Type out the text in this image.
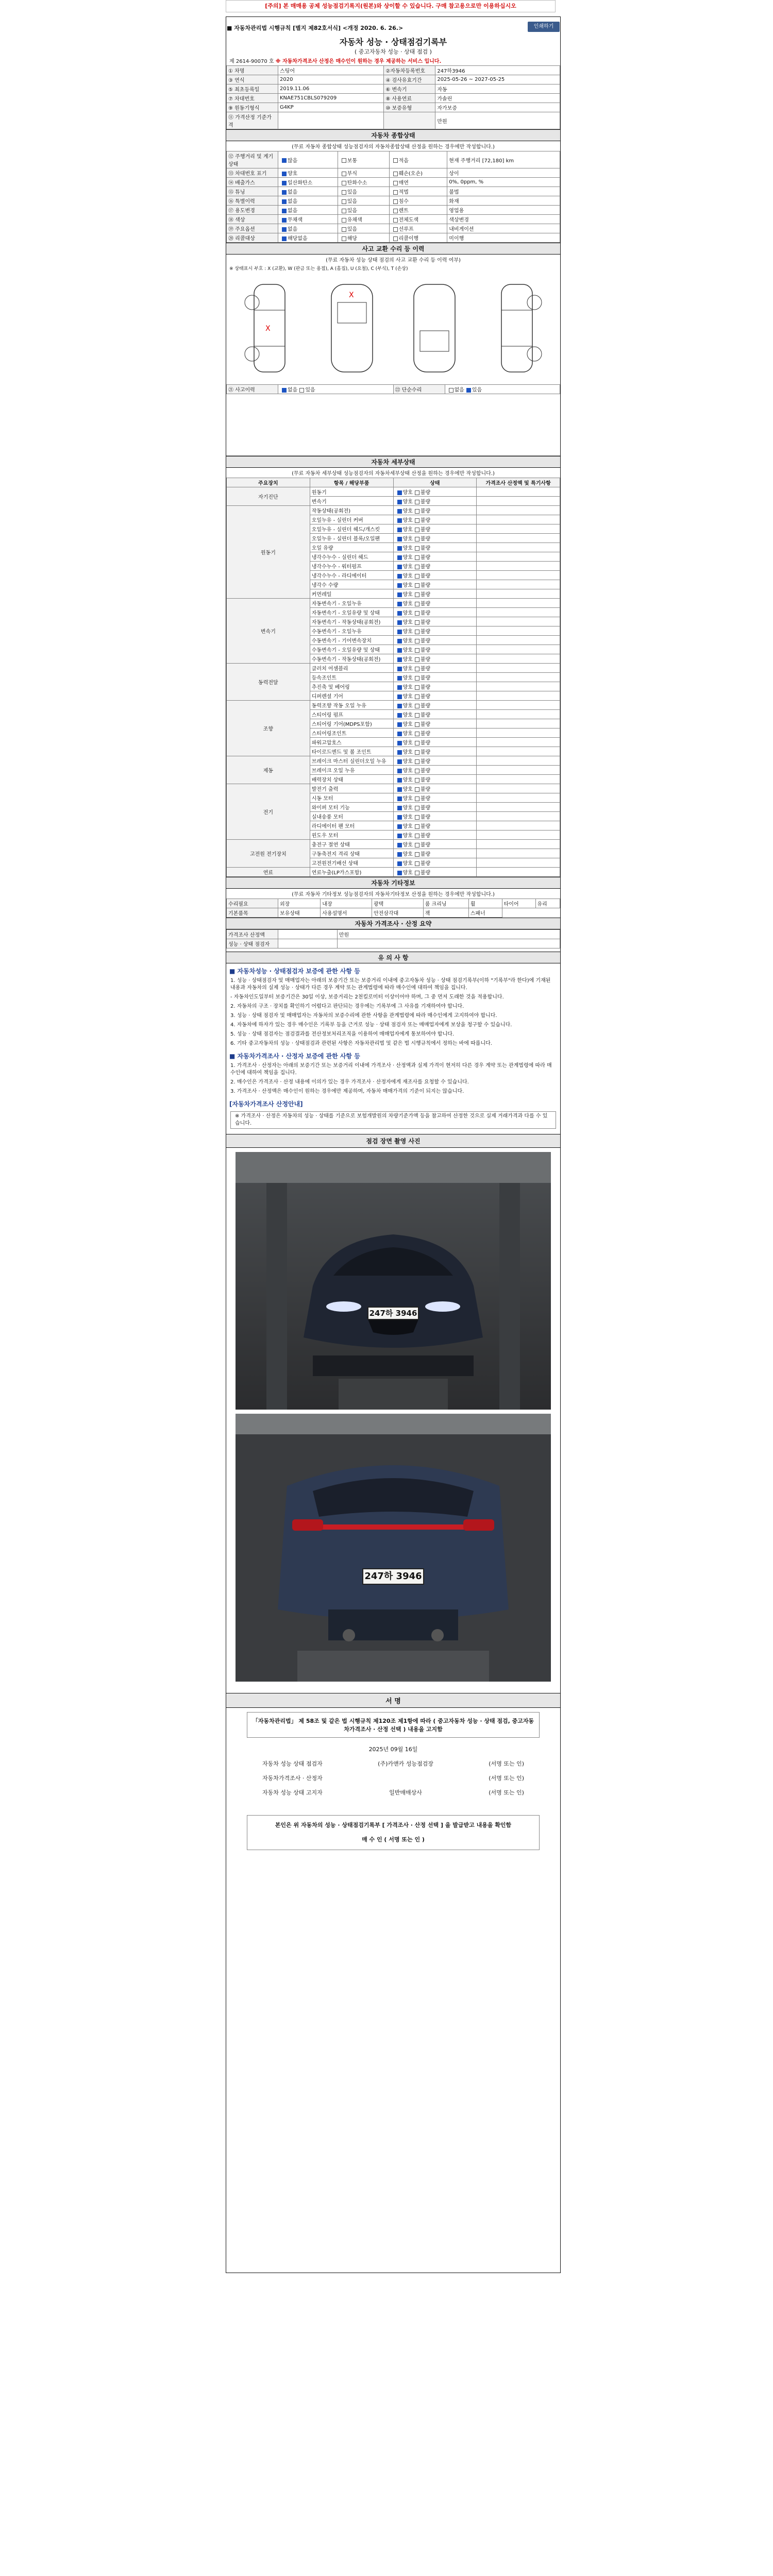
[주의] 본 매매용 공제 성능점검기록지(원본)와 상이할 수 있습니다. 구매 참고용으로만 이용하십시오
■ 자동차관리법 시행규칙 [별지 제82호서식] <개정 2020. 6. 26.>	인쇄하기
자동차 성능 · 상태점검기록부
( 중고자동차 성능 · 상태 점검 )
제 2614-90070 호 ※ 자동차가격조사 산정은 매수인이 원하는 경우 제공하는 서비스 입니다.
① 차명	스팅어	②자동차등록번호	247하3946
③ 연식	2020	④ 검사유효기간	2025-05-26 ~ 2027-05-25
⑤ 최초등록일	2019.11.06	⑥ 변속기	자동
⑦ 차대번호	KNAE751CBLS079209	⑧ 사용연료	가솔린
⑨ 원동기형식	G4KP	⑩ 보증유형	자가보증
⑪ 가격산정 기준가격			만원
자동차 종합상태
(무료 자동차 종합상태 성능점검자의 자동차종합상태 산정을 원하는 경우에만 작성합니다.)
⑫ 주행거리 및 계기상태	많음	보통	적음	현재 주행거리 [72,180] km
⑬ 차대번호 표기	양호	부식	훼손(오손)	상이
⑭ 배출가스	일산화탄소	탄화수소	매연	0%, 0ppm, %
⑮ 튜닝	없음	있음	적법	불법
⑯ 특별이력	없음	있음	침수	화재
⑰ 용도변경	없음	있음	렌트	영업용
⑱ 색상	무채색	유채색	전체도색	색상변경
⑲ 주요옵션	없음	있음	선루프	내비게이션
⑳ 리콜대상	해당없음	해당	리콜이행	미이행
사고 교환 수리 등 이력
(무료 자동차 성능 상태 점검의 사고 교환 수리 등 이력 여부)
※ 상태표시 부호 : X (교환), W (판금 또는 용접), A (흠집), U (요철), C (부식), T (손상)
X
X
㉑ 사고이력	없음 있음	㉒ 단순수리	없음 있음
자동차 세부상태
(무료 자동차 세부상태 성능점검자의 자동차세부상태 산정을 원하는 경우에만 작성합니다.)
주요장치	항목 / 해당부품	상태	가격조사 산정액 및 특기사항
자기진단	원동기	양호 불량	
	변속기	양호 불량	
원동기	작동상태(공회전)	양호 불량	
	오일누유 - 실린더 커버	양호 불량	
	오일누유 - 실린더 헤드/개스킷	양호 불량	
	오일누유 - 실린더 블록/오일팬	양호 불량	
	오일 유량	양호 불량	
	냉각수누수 - 실린더 헤드	양호 불량	
	냉각수누수 - 워터펌프	양호 불량	
	냉각수누수 - 라디에이터	양호 불량	
	냉각수 수량	양호 불량	
	커먼레일	양호 불량	
변속기	자동변속기 - 오일누유	양호 불량	
	자동변속기 - 오일유량 및 상태	양호 불량	
	자동변속기 - 작동상태(공회전)	양호 불량	
	수동변속기 - 오일누유	양호 불량	
	수동변속기 - 기어변속장치	양호 불량	
	수동변속기 - 오일유량 및 상태	양호 불량	
	수동변속기 - 작동상태(공회전)	양호 불량	
동력전달	클러치 어셈블리	양호 불량	
	등속조인트	양호 불량	
	추진축 및 베어링	양호 불량	
	디퍼렌셜 기어	양호 불량	
조향	동력조향 작동 오일 누유	양호 불량	
	스티어링 펌프	양호 불량	
	스티어링 기어(MDPS포함)	양호 불량	
	스티어링조인트	양호 불량	
	파워고압호스	양호 불량	
	타이로드엔드 및 볼 조인트	양호 불량	
제동	브레이크 마스터 실린더오일 누유	양호 불량	
	브레이크 오일 누유	양호 불량	
	배력장치 상태	양호 불량	
전기	발전기 출력	양호 불량	
	시동 모터	양호 불량	
	와이퍼 모터 기능	양호 불량	
	실내송풍 모터	양호 불량	
	라디에이터 팬 모터	양호 불량	
	윈도우 모터	양호 불량	
고전원 전기장치	충전구 절연 상태	양호 불량	
	구동축전지 격리 상태	양호 불량	
	고전원전기배선 상태	양호 불량	
연료	연료누출(LP가스포함)	양호 불량	
자동차 기타정보
(무료 자동차 기타정보 성능점검자의 자동차기타정보 산정을 원하는 경우에만 작성합니다.)
수리필요	외장	내장	광택	룸 크리닝	휠	타이어	유리
기본품목	보유상태	사용설명서	안전삼각대	잭	스패너		
자동차 가격조사 · 산정 요약
가격조사 산정액		만원
성능 · 상태 점검자		
유 의 사 항
■ 자동차성능 · 상태점검자 보증에 관한 사항 등
1. 성능 · 상태점검자 및 매매업자는 아래의 보증기간 또는 보증거리 이내에 중고자동차 성능 · 상태 점검기록부(이하 "기록부"라 한다)에 기재된 내용과 자동차의 실제 성능 · 상태가 다른 경우 계약 또는 관계법령에 따라 매수인에 대하여 책임을 집니다.
- 자동차인도일부터 보증기간은 30일 이상, 보증거리는 2천킬로미터 이상이어야 하며, 그 중 먼저 도래한 것을 적용합니다.
2. 자동차의 구조 · 장치를 확인하기 어렵다고 판단되는 경우에는 기록부에 그 사유를 기재하여야 합니다.
3. 성능 · 상태 점검자 및 매매업자는 자동차의 보증수리에 관한 사항을 관계법령에 따라 매수인에게 고지하여야 합니다.
4. 자동차에 하자가 있는 경우 매수인은 기록부 등을 근거로 성능 · 상태 점검자 또는 매매업자에게 보상을 청구할 수 있습니다.
5. 성능 · 상태 점검자는 점검결과를 전산정보처리조직을 이용하여 매매업자에게 통보하여야 합니다.
6. 기타 중고자동차의 성능 · 상태점검과 관련된 사항은 자동차관리법 및 같은 법 시행규칙에서 정하는 바에 따릅니다.
■ 자동차가격조사 · 산정자 보증에 관한 사항 등
1. 가격조사 · 산정자는 아래의 보증기간 또는 보증거리 이내에 가격조사 · 산정액과 실제 가격이 현저히 다른 경우 계약 또는 관계법령에 따라 매수인에 대하여 책임을 집니다.
2. 매수인은 가격조사 · 산정 내용에 이의가 있는 경우 가격조사 · 산정자에게 재조사를 요청할 수 있습니다.
3. 가격조사 · 산정액은 매수인이 원하는 경우에만 제공하며, 자동차 매매가격의 기준이 되지는 않습니다.
[자동차가격조사 산정안내]
※ 가격조사 · 산정은 자동차의 성능 · 상태를 기준으로 보험개발원의 차량기준가액 등을 참고하여 산정한 것으로 실제 거래가격과 다를 수 있습니다.
점검 장면 촬영 사진
247하 3946
247하 3946
서 명
「자동차관리법」 제 58조 및 같은 법 시행규칙 제120조 제1항에 따라 ( 중고자동차 성능 · 상태 점검, 중고자동차가격조사 · 산정 선택 ) 내용을 고지함
2025년 09월 16일
자동차 성능 상태 점검자	(주)카앤카 성능점검장	(서명 또는 인)
자동차가격조사 · 산정자	(서명 또는 인)
자동차 성능 상태 고지자	일반매매상사	(서명 또는 인)
본인은 위 자동차의 성능 · 상태점검기록부 [ 가격조사 · 산정 선택 ] 을 발급받고 내용을 확인함
매 수 인 ( 서명 또는 인 )
